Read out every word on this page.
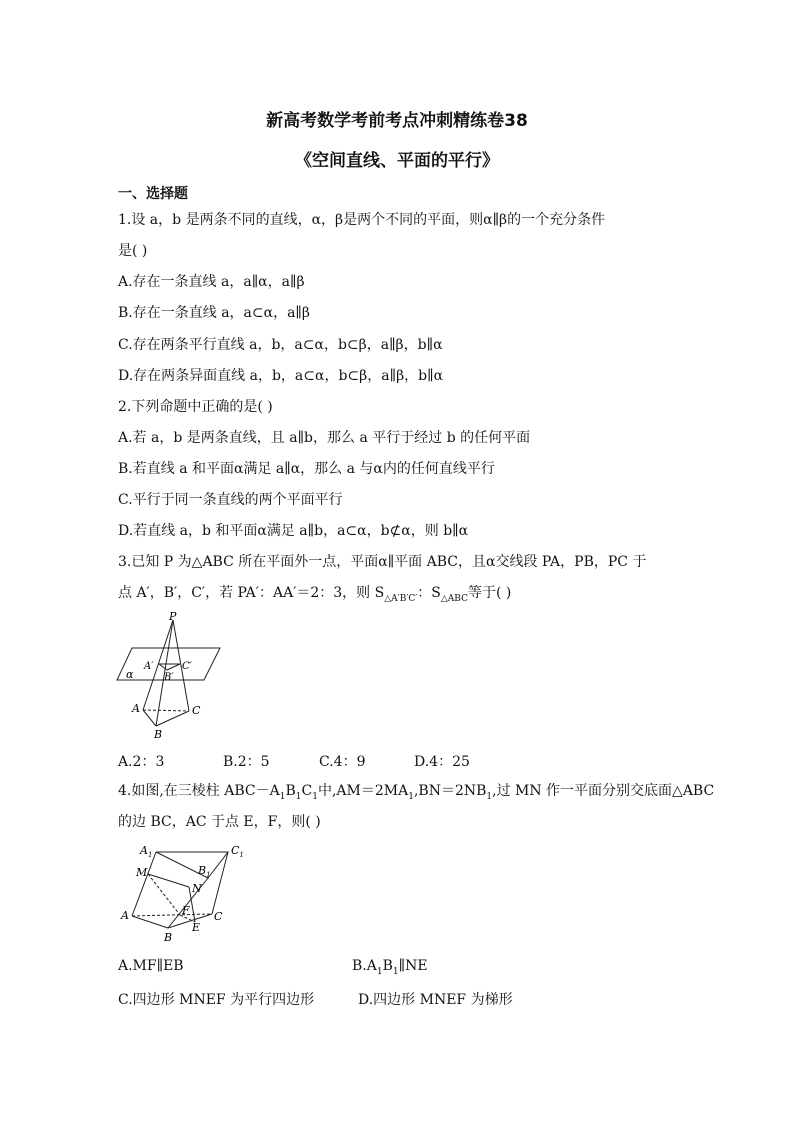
新高考数学考前考点冲刺精练卷38
《空间直线、平面的平行》
一、选择题
1.设 a，b 是两条不同的直线，α，β是两个不同的平面，则α∥β的一个充分条件
是( )
A.存在一条直线 a，a∥α，a∥β
B.存在一条直线 a，a⊂α，a∥β
C.存在两条平行直线 a，b，a⊂α，b⊂β，a∥β，b∥α
D.存在两条异面直线 a，b，a⊂α，b⊂β，a∥β，b∥α
2.下列命题中正确的是( )
A.若 a，b 是两条直线，且 a∥b，那么 a 平行于经过 b 的任何平面
B.若直线 a 和平面α满足 a∥α，那么 a 与α内的任何直线平行
C.平行于同一条直线的两个平面平行
D.若直线 a，b 和平面α满足 a∥b，a⊂α，b⊄α，则 b∥α
3.已知 P 为△ABC 所在平面外一点，平面α∥平面 ABC，且α交线段 PA，PB，PC 于
点 A′，B′，C′，若 PA′：AA′＝2：3，则 $S_{\triangle A'B'C'}$：$S_{\triangle ABC}$等于( )
P
A′	C′
B′
α
A	C
B
A.2：3	B.2：5	C.4：9	D.4：25
4.如图,在三棱柱 $ABC-A_1B_1C_1$中$,AM=2MA_1,BN=2NB_1$,过 MN 作一平面分别交底面△ABC
的边 BC，AC 于点 E，F，则( )
$A_1$	$C_1$
$B_1$
M
N
F
A	C
E
B
A.MF∥EB	$B.A_1B_1\parallel NE$
C.四边形 MNEF 为平行四边形	D.四边形 MNEF 为梯形
